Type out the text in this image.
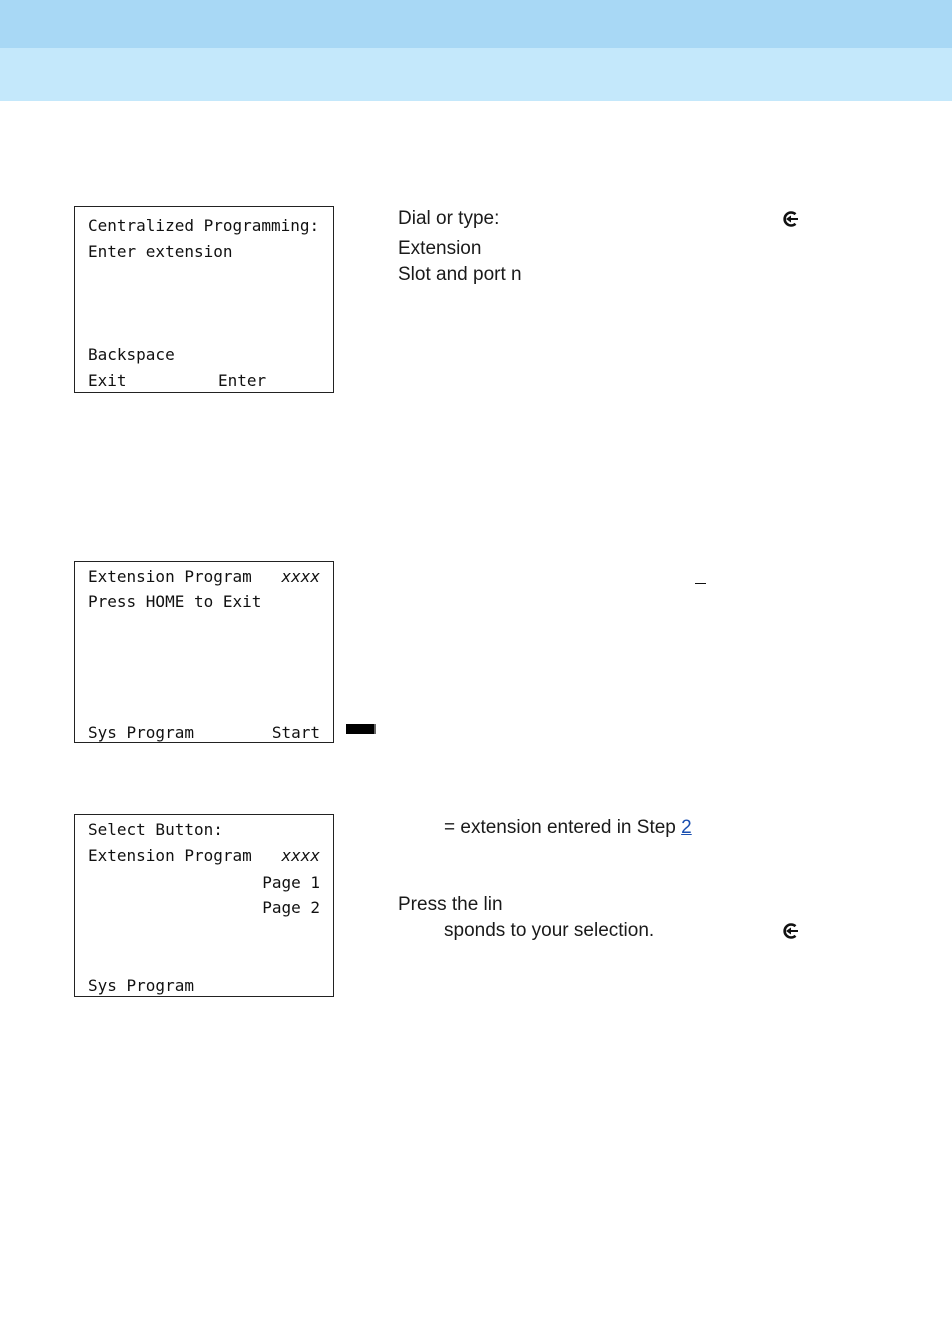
Centralized Programming:
Enter extension
Backspace
Exit	Enter
Dial or type:
Extension
Slot and port n
Extension Program xxxx
Press HOME to Exit
Sys Program	Start
Select Button:
Extension Program xxxx
Page 1
Page 2
Sys Program
= extension entered in Step 2
Press the lin
sponds to your selection.
